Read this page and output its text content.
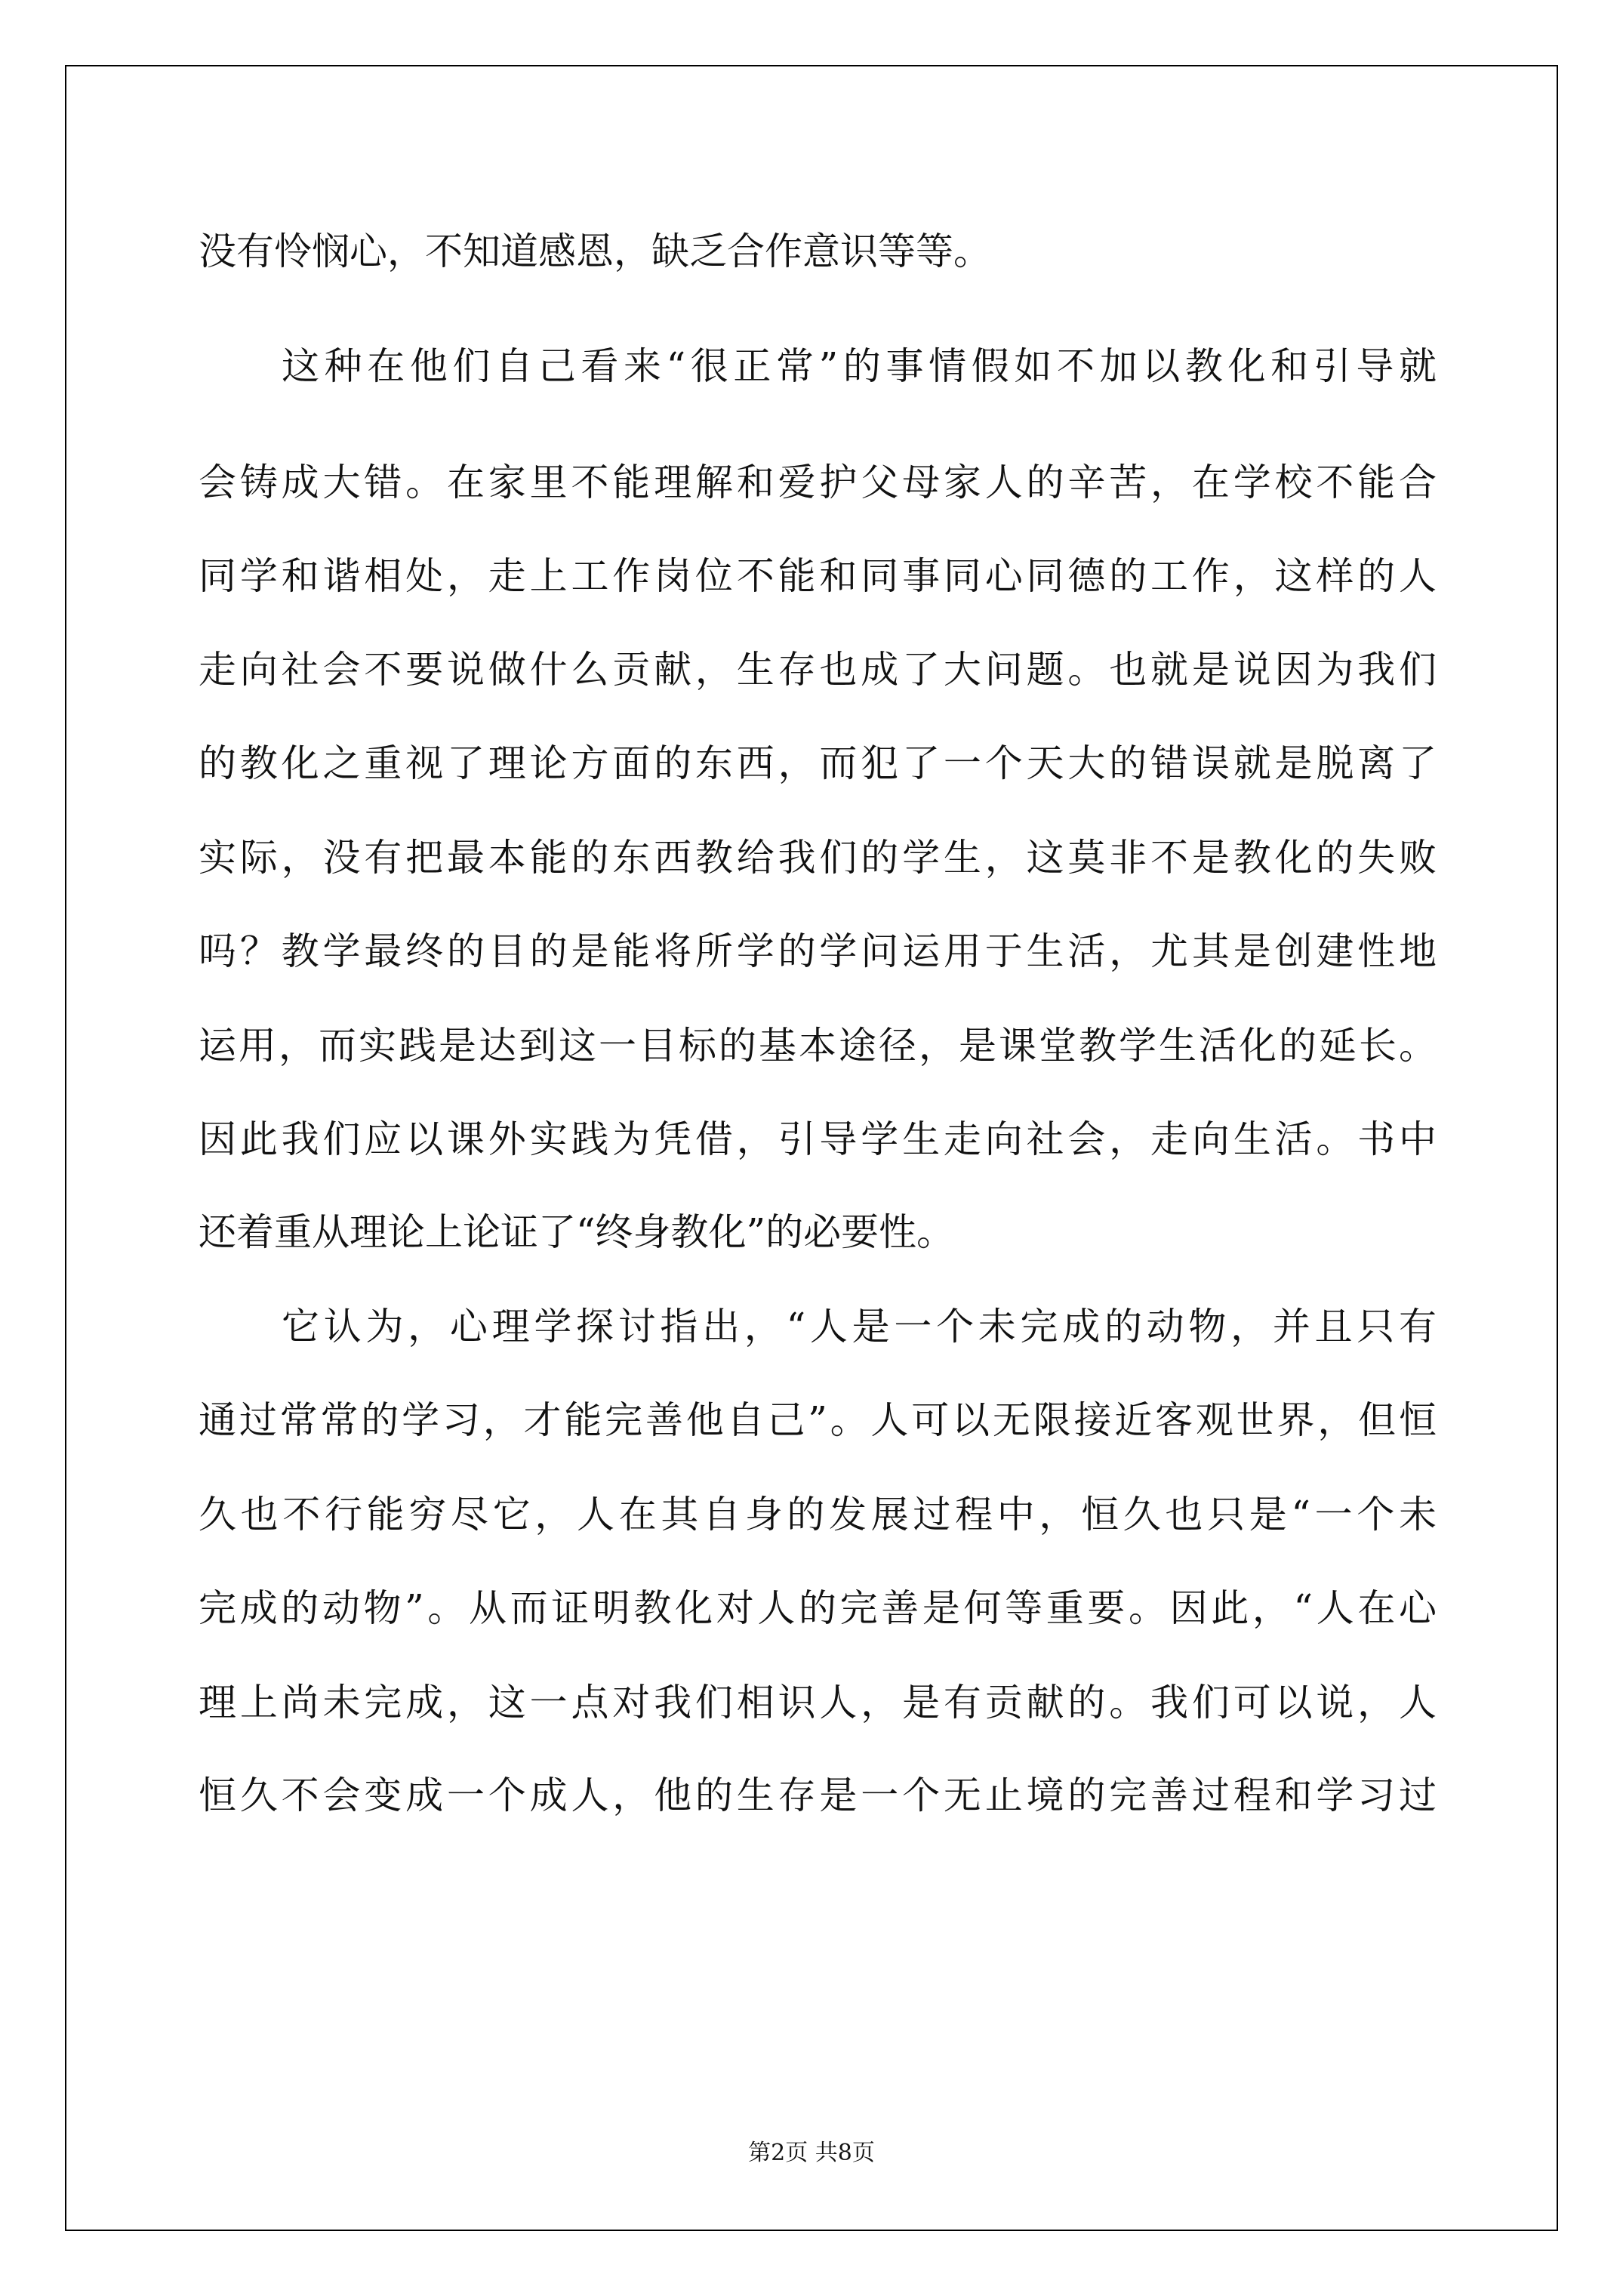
没有怜悯心，不知道感恩，缺乏合作意识等等。
这种在他们自己看来“很正常”的事情假如不加以教化和引导就
会铸成大错。在家里不能理解和爱护父母家人的辛苦，在学校不能合
同学和谐相处，走上工作岗位不能和同事同心同德的工作，这样的人
走向社会不要说做什么贡献，生存也成了大问题。也就是说因为我们
的教化之重视了理论方面的东西，而犯了一个天大的错误就是脱离了
实际，没有把最本能的东西教给我们的学生，这莫非不是教化的失败
吗？教学最终的目的是能将所学的学问运用于生活，尤其是创建性地
运用，而实践是达到这一目标的基本途径，是课堂教学生活化的延长。
因此我们应以课外实践为凭借，引导学生走向社会，走向生活。书中
还着重从理论上论证了“终身教化”的必要性。
它认为，心理学探讨指出，“人是一个未完成的动物，并且只有
通过常常的学习，才能完善他自己”。人可以无限接近客观世界，但恒
久也不行能穷尽它，人在其自身的发展过程中，恒久也只是“一个未
完成的动物”。从而证明教化对人的完善是何等重要。因此，“人在心
理上尚未完成，这一点对我们相识人，是有贡献的。我们可以说，人
恒久不会变成一个成人，他的生存是一个无止境的完善过程和学习过
第2页 共8页
